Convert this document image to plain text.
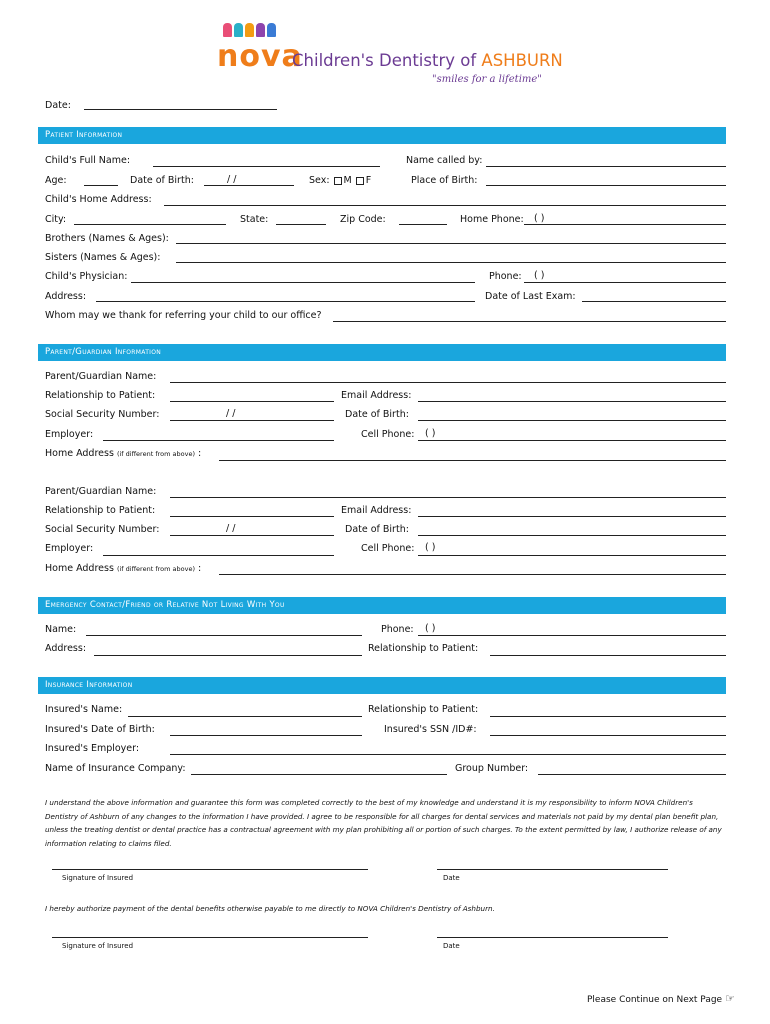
nova
Children's Dentistry of ASHBURN
"smiles for a lifetime"
Date:
Patient Information
Child's Full Name:	Name called by:
Age:	Date of Birth:	/ /	Sex: M F	Place of Birth:
Child's Home Address:
City:	State:	Zip Code:	Home Phone: ( )
Brothers (Names & Ages):
Sisters (Names & Ages):
Child's Physician:	Phone: ( )
Address:	Date of Last Exam:
Whom may we thank for referring your child to our office?
Parent/Guardian Information
Parent/Guardian Name:
Relationship to Patient:	Email Address:
Social Security Number:	/ /	Date of Birth:
Employer:	Cell Phone: ( )
Home Address (if different from above) :
Parent/Guardian Name:
Relationship to Patient:	Email Address:
Social Security Number:	/ /	Date of Birth:
Employer:	Cell Phone: ( )
Home Address (if different from above) :
Emergency Contact/Friend or Relative Not Living With You
Name:	Phone: ( )
Address:	Relationship to Patient:
Insurance Information
Insured's Name:	Relationship to Patient:
Insured's Date of Birth:	Insured's SSN /ID#:
Insured's Employer:
Name of Insurance Company:	Group Number:
I understand the above information and guarantee this form was completed correctly to the best of my knowledge and understand it is my responsibility to inform NOVA Children's Dentistry of Ashburn of any changes to the information I have provided. I agree to be responsible for all charges for dental services and materials not paid by my dental plan benefit plan, unless the treating dentist or dental practice has a contractual agreement with my plan prohibiting all or portion of such charges. To the extent permitted by law, I authorize release of any information relating to claims filed.
Signature of Insured	Date
I hereby authorize payment of the dental benefits otherwise payable to me directly to NOVA Children's Dentistry of Ashburn.
Signature of Insured	Date
Please Continue on Next Page ☞
